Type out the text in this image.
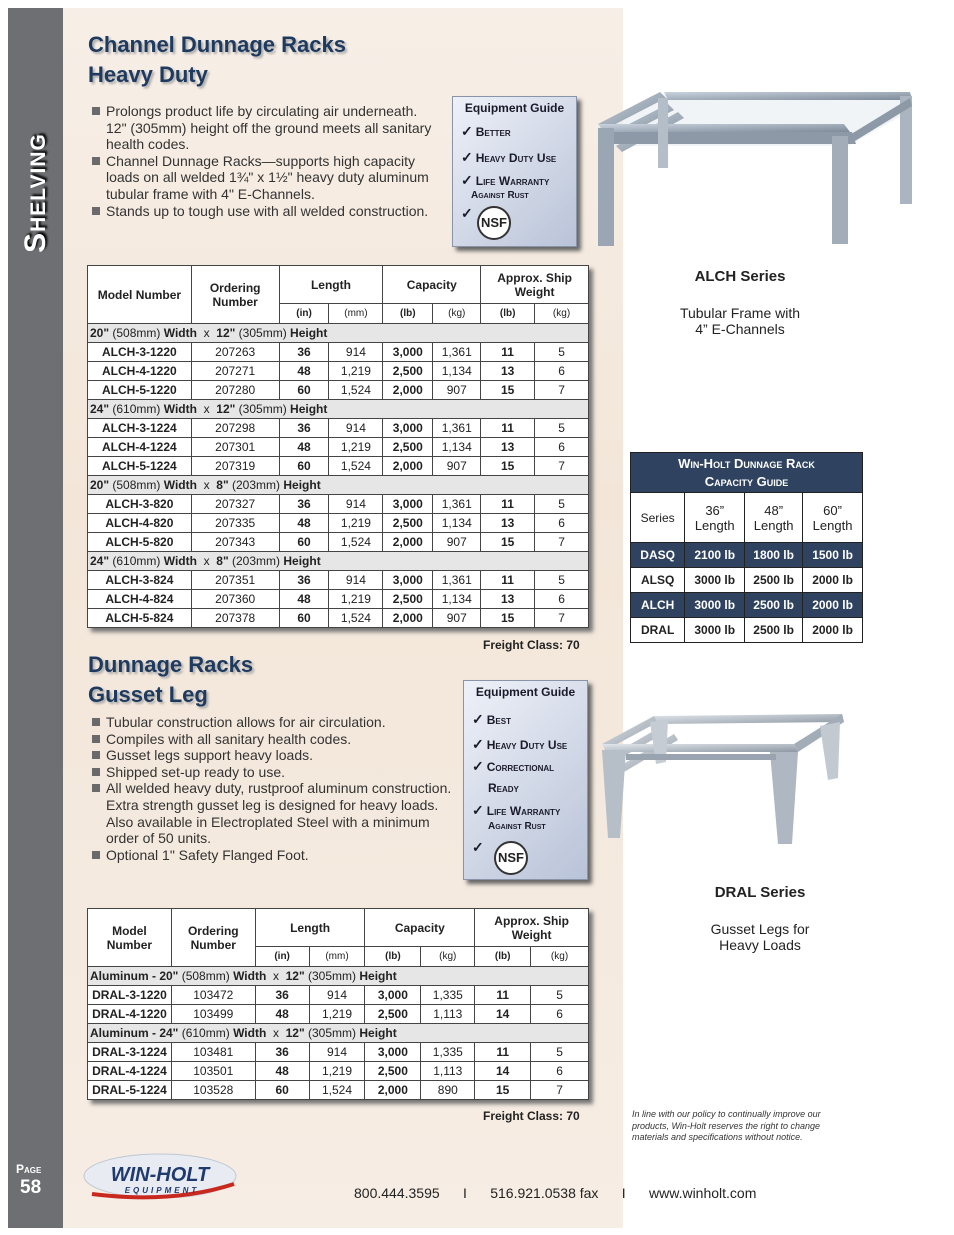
Shelving
Page
58
Channel Dunnage Racks
Heavy Duty
Prolongs product life by circulating air underneath. 12" (305mm) height off the ground meets all sanitary health codes.
Channel Dunnage Racks—supports high capacity loads on all welded 1¾" x 1½" heavy duty aluminum tubular frame with 4" E-Channels.
Stands up to tough use with all welded construction.
Equipment Guide
✓ Better
✓ Heavy Duty Use
✓ Life Warranty
Against Rust
✓
NSF
ALCH Series
Tubular Frame with
4” E-Channels
Model Number	Ordering Number	Length		Capacity		Approx. Ship Weight	
		(in)	(mm)	(lb)	(kg)	(lb)	(kg)
20" (508mm) Width  x  12" (305mm) Height							
ALCH-3-1220	207263	36	914	3,000	1,361	11	5
ALCH-4-1220	207271	48	1,219	2,500	1,134	13	6
ALCH-5-1220	207280	60	1,524	2,000	907	15	7
24" (610mm) Width  x  12" (305mm) Height							
ALCH-3-1224	207298	36	914	3,000	1,361	11	5
ALCH-4-1224	207301	48	1,219	2,500	1,134	13	6
ALCH-5-1224	207319	60	1,524	2,000	907	15	7
20" (508mm) Width  x  8" (203mm) Height							
ALCH-3-820	207327	36	914	3,000	1,361	11	5
ALCH-4-820	207335	48	1,219	2,500	1,134	13	6
ALCH-5-820	207343	60	1,524	2,000	907	15	7
24" (610mm) Width  x  8" (203mm) Height							
ALCH-3-824	207351	36	914	3,000	1,361	11	5
ALCH-4-824	207360	48	1,219	2,500	1,134	13	6
ALCH-5-824	207378	60	1,524	2,000	907	15	7
Freight Class: 70
Win-Holt Dunnage Rack
Capacity Guide			
Series	36” Length	48” Length	60” Length
DASQ	2100 lb	1800 lb	1500 lb
ALSQ	3000 lb	2500 lb	2000 lb
ALCH	3000 lb	2500 lb	2000 lb
DRAL	3000 lb	2500 lb	2000 lb
Dunnage Racks
Gusset Leg
Tubular construction allows for air circulation.
Compiles with all sanitary health codes.
Gusset legs support heavy loads.
Shipped set-up ready to use.
All welded heavy duty, rustproof aluminum construction. Extra strength gusset leg is designed for heavy loads. Also available in Electroplated Steel with a minimum order of 50 units.
Optional 1" Safety Flanged Foot.
Equipment Guide
✓ Best
✓ Heavy Duty Use
✓ Correctional
Ready
✓ Life Warranty
Against Rust
✓
NSF
DRAL Series
Gusset Legs for
Heavy Loads
Model Number	Ordering Number	Length		Capacity		Approx. Ship Weight	
		(in)	(mm)	(lb)	(kg)	(lb)	(kg)
Aluminum - 20" (508mm) Width  x  12" (305mm) Height							
DRAL-3-1220	103472	36	914	3,000	1,335	11	5
DRAL-4-1220	103499	48	1,219	2,500	1,113	14	6
Aluminum - 24" (610mm) Width  x  12" (305mm) Height							
DRAL-3-1224	103481	36	914	3,000	1,335	11	5
DRAL-4-1224	103501	48	1,219	2,500	1,113	14	6
DRAL-5-1224	103528	60	1,524	2,000	890	15	7
Freight Class: 70	In line with our policy to continually improve our products, Win-Holt reserves the right to change materials and specifications without notice.
WIN-HOLT
EQUIPMENT	800.444.3595 I 516.921.0538 fax I www.winholt.com
